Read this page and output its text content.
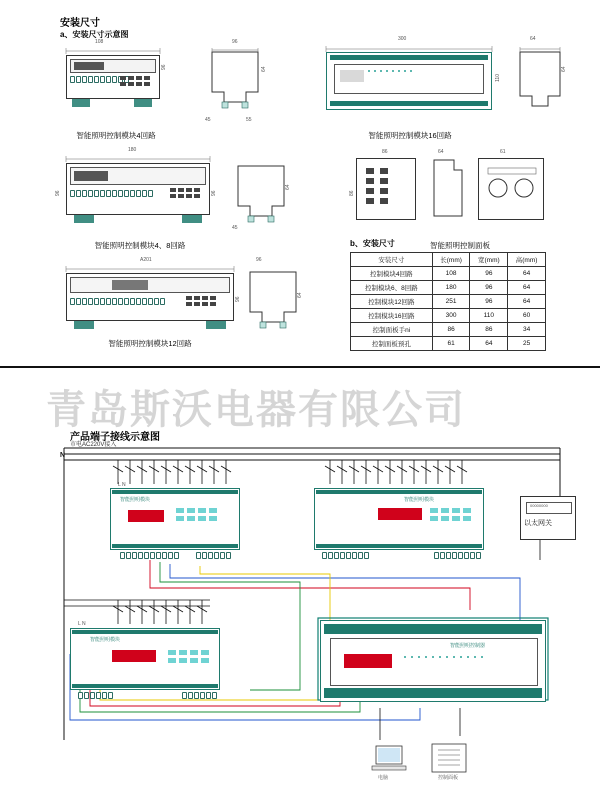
安装尺寸
a、安装尺寸示意图
108
96
智能照明控制模块4回路
96
45	55
64
300
110
智能照明控制模块16回路
64
64
180
96	96
智能照明控制模块4、8回路
64
45
86
86
64	61
智能照明控制面板
A201
96
智能照明控制模块12回路
96
64
b、安装尺寸
安装尺寸	长(mm)	宽(mm)	高(mm)
控制模块4回路	108	96	64
控制模块6、8回路	180	96	64
控制模块12回路	251	96	64
控制模块16回路	300	110	60
控制面板手ni	86	86	34
控制面板预孔	61	64	25
青岛斯沃电器有限公司
产品端子接线示意图
市电AC220V接入
N
智能照明模块
L N
智能照明模块
00000000
以太网关
智能照明模块
L N
智能照明控制器
电脑	控制面板
